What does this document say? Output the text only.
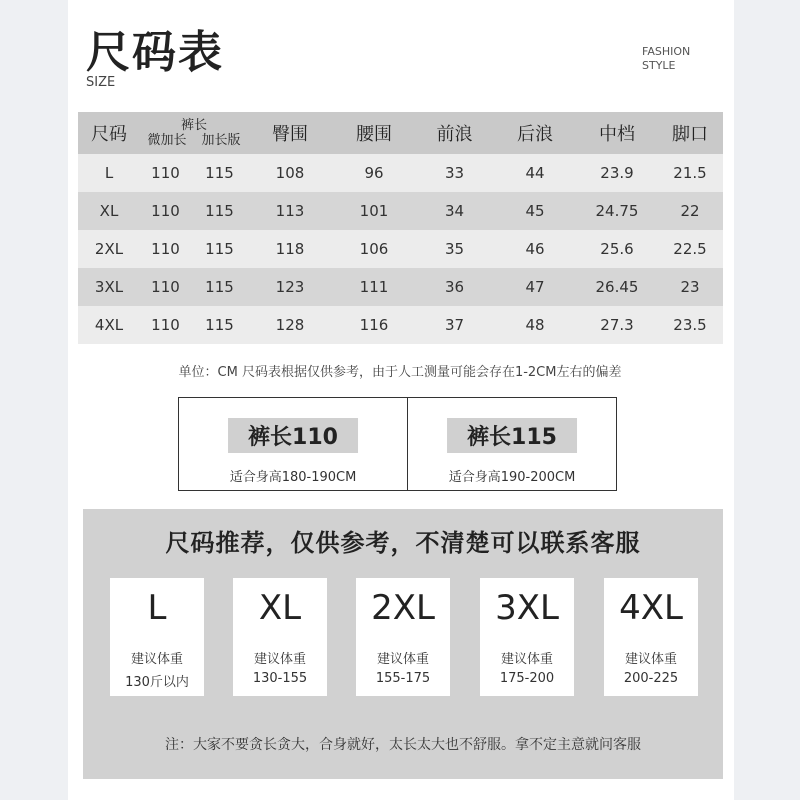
尺码表
SIZE
FASHION
STYLE
尺码	裤长
微加长 加长版		臀围	腰围	前浪	后浪	中档	脚口
L	110	115	108	96	33	44	23.9	21.5
XL	110	115	113	101	34	45	24.75	22
2XL	110	115	118	106	35	46	25.6	22.5
3XL	110	115	123	111	36	47	26.45	23
4XL	110	115	128	116	37	48	27.3	23.5
单位：CM 尺码表根据仅供参考，由于人工测量可能会存在1-2CM左右的偏差
裤长110
适合身高180-190CM
裤长115
适合身高190-200CM
尺码推荐，仅供参考，不清楚可以联系客服
L
建议体重
130斤以内
XL
建议体重
130-155
2XL
建议体重
155-175
3XL
建议体重
175-200
4XL
建议体重
200-225
注：大家不要贪长贪大，合身就好，太长太大也不舒服。拿不定主意就问客服
